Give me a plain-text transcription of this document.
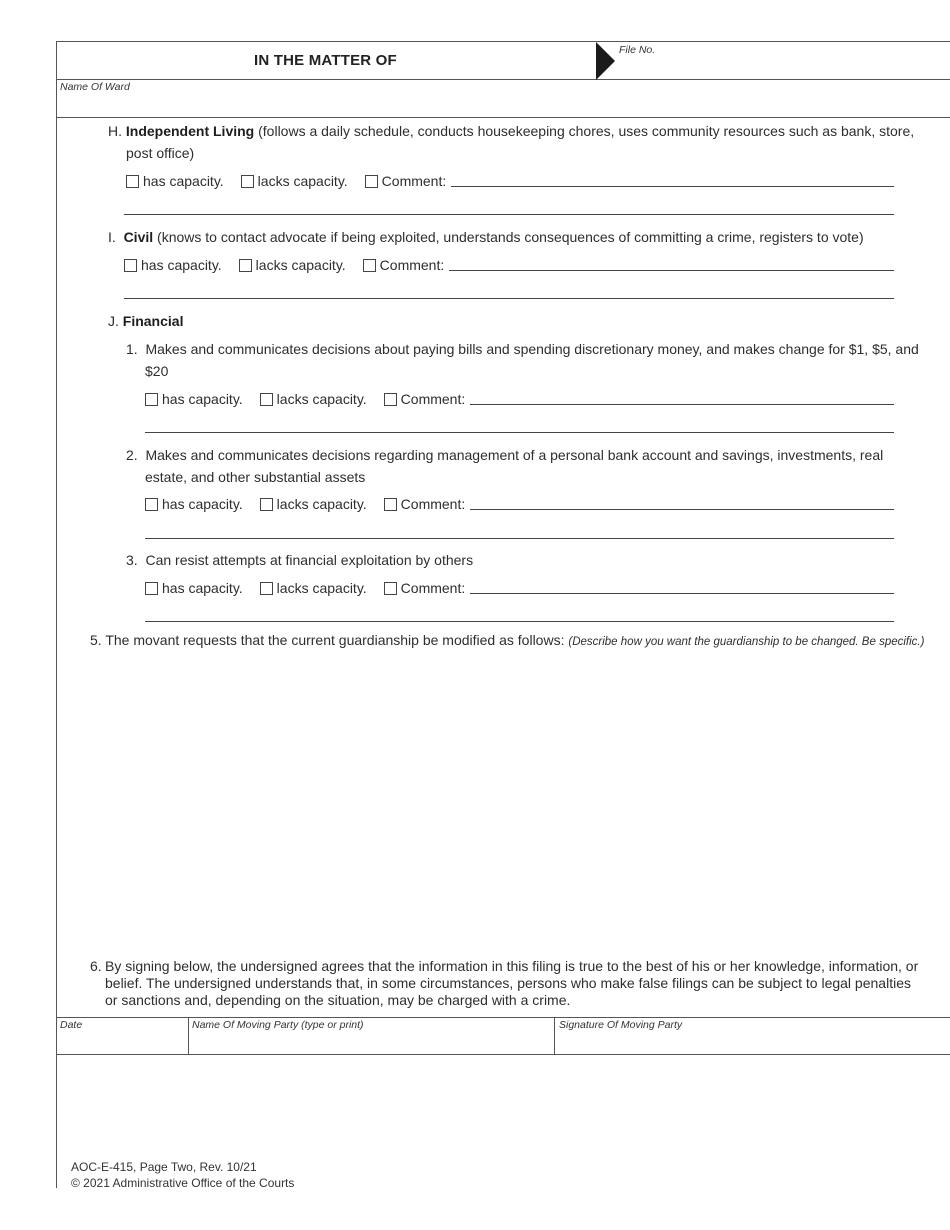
IN THE MATTER OF
File No.
Name Of Ward
H. Independent Living (follows a daily schedule, conducts housekeeping chores, uses community resources such as bank, store,
post office)
has capacity. lacks capacity. Comment:
I. Civil (knows to contact advocate if being exploited, understands consequences of committing a crime, registers to vote)
has capacity. lacks capacity. Comment:
J. Financial
1. Makes and communicates decisions about paying bills and spending discretionary money, and makes change for $1, $5, and
$20
has capacity. lacks capacity. Comment:
2. Makes and communicates decisions regarding management of a personal bank account and savings, investments, real
estate, and other substantial assets
has capacity. lacks capacity. Comment:
3. Can resist attempts at financial exploitation by others
has capacity. lacks capacity. Comment:
5. The movant requests that the current guardianship be modified as follows: (Describe how you want the guardianship to be changed. Be specific.)
6. By signing below, the undersigned agrees that the information in this filing is true to the best of his or her knowledge, information, or
belief. The undersigned understands that, in some circumstances, persons who make false filings can be subject to legal penalties
or sanctions and, depending on the situation, may be charged with a crime.
Date	Name Of Moving Party (type or print)	Signature Of Moving Party
AOC-E-415, Page Two, Rev. 10/21
© 2021 Administrative Office of the Courts
